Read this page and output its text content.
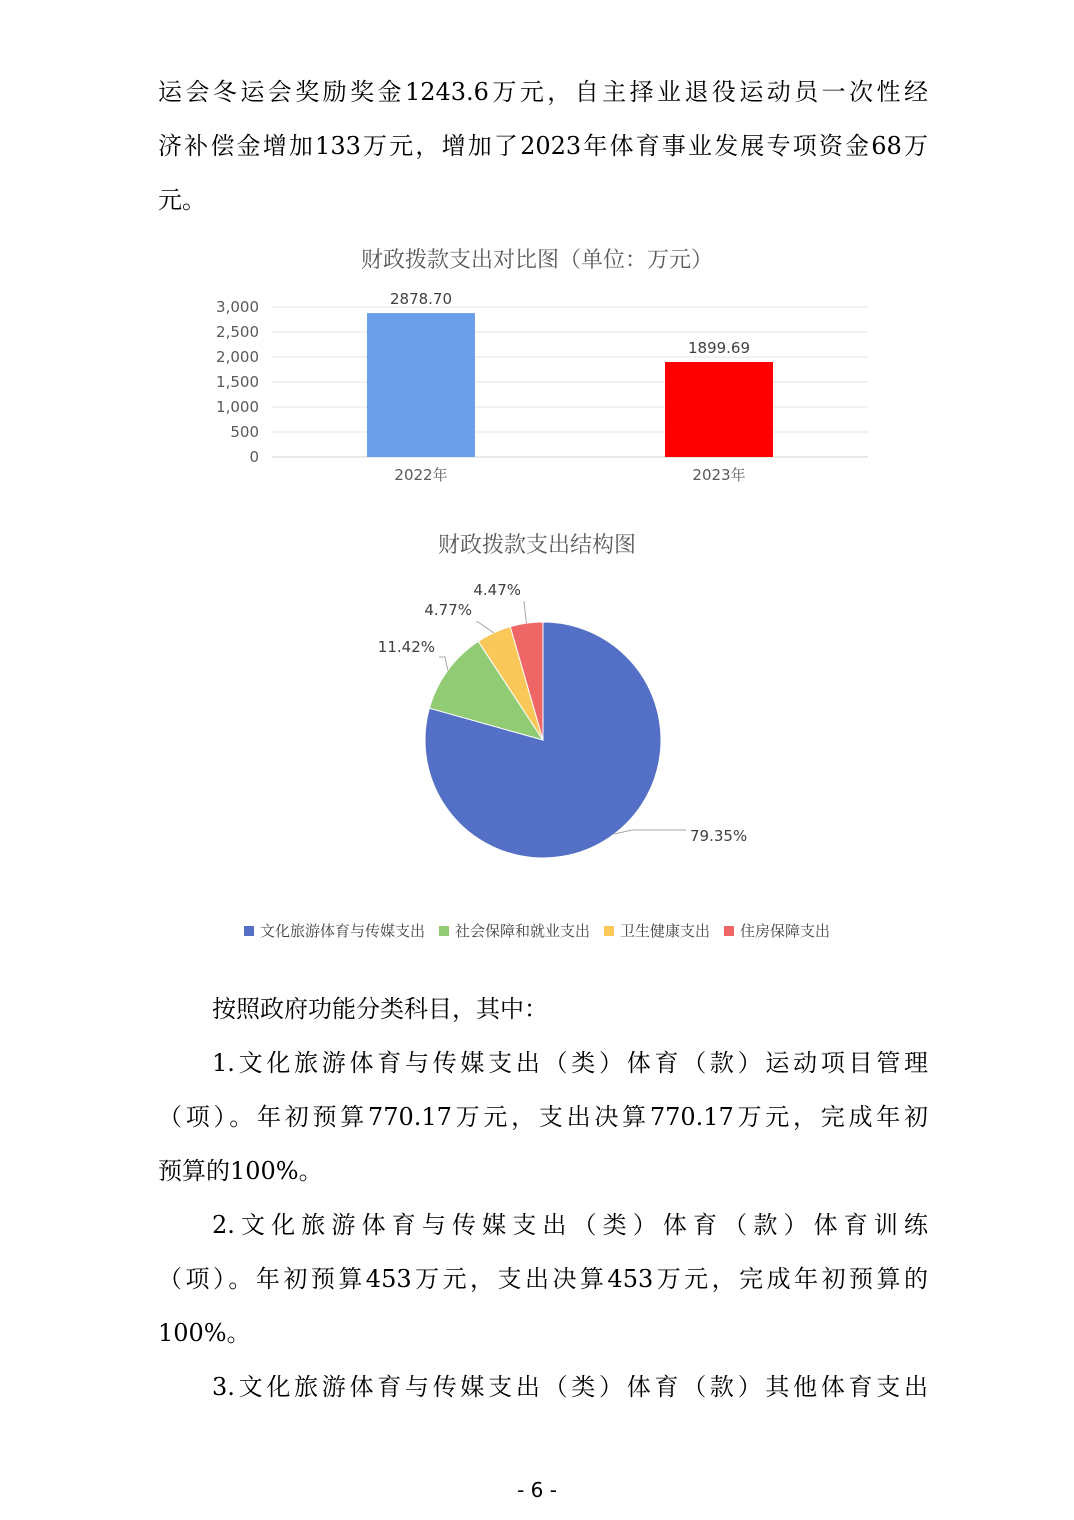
运会冬运会奖励奖金1243.6万元，自主择业退役运动员一次性经

济补偿金增加133万元，增加了2023年体育事业发展专项资金68万

元。

财政拨款支出对比图（单位：万元）
0
500
1,000
1,500
2,000
2,500
3,000	2878.70
2022年
1899.69
2023年
财政拨款支出结构图
79.35%
11.42%
4.77%
4.47%
文化旅游体育与传媒支出 社会保障和就业支出 卫生健康支出 住房保障支出

按照政府功能分类科目，其中：

1.文化旅游体育与传媒支出（类）体育（款）运动项目管理

（项）。年初预算770.17万元，支出决算770.17万元，完成年初

预算的100%。

2.文化旅游体育与传媒支出（类）体育（款）体育训练

（项）。年初预算453万元，支出决算453万元，完成年初预算的

100%。

3.文化旅游体育与传媒支出（类）体育（款）其他体育支出

- 6 -
